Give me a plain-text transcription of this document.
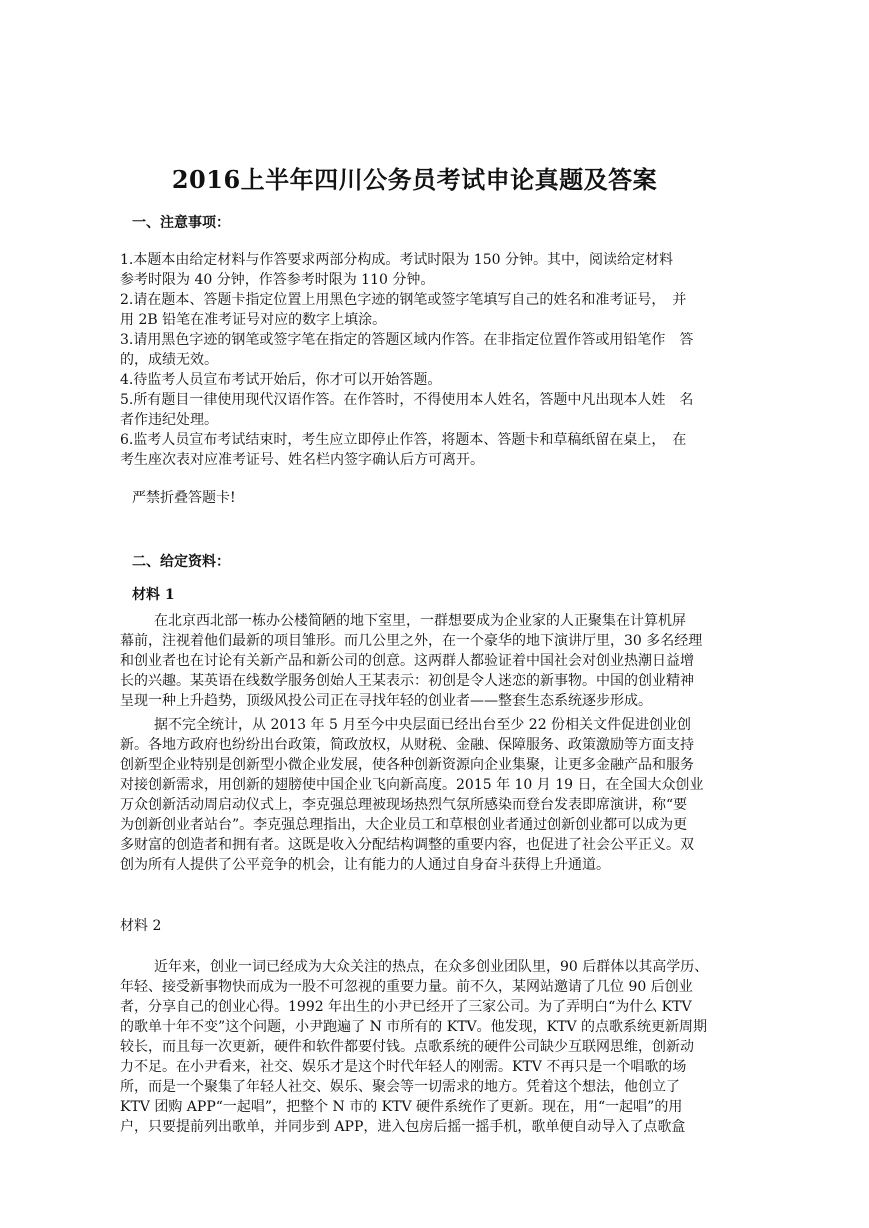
2016上半年四川公务员考试申论真题及答案
一、注意事项：
1.本题本由给定材料与作答要求两部分构成。考试时限为 150 分钟。其中，阅读给定材料
参考时限为 40 分钟，作答参考时限为 110 分钟。
2.请在题本、答题卡指定位置上用黑色字迹的钢笔或签字笔填写自己的姓名和准考证号，　并
用 2B 铅笔在准考证号对应的数字上填涂。
3.请用黑色字迹的钢笔或签字笔在指定的答题区域内作答。在非指定位置作答或用铅笔作　答
的，成绩无效。
4.待监考人员宣布考试开始后，你才可以开始答题。
5.所有题目一律使用现代汉语作答。在作答时，不得使用本人姓名，答题中凡出现本人姓　名
者作违纪处理。
6.监考人员宣布考试结束时，考生应立即停止作答，将题本、答题卡和草稿纸留在桌上，　在
考生座次表对应准考证号、姓名栏内签字确认后方可离开。
严禁折叠答题卡!
二、给定资料：
材料 1
在北京西北部一栋办公楼简陋的地下室里，一群想要成为企业家的人正聚集在计算机屏
幕前，注视着他们最新的项目雏形。而几公里之外，在一个豪华的地下演讲厅里，30 多名经理
和创业者也在讨论有关新产品和新公司的创意。这两群人都验证着中国社会对创业热潮日益增
长的兴趣。某英语在线数学服务创始人王某表示：初创是令人迷恋的新事物。中国的创业精神
呈现一种上升趋势，顶级风投公司正在寻找年轻的创业者——整套生态系统逐步形成。
据不完全统计，从 2013 年 5 月至今中央层面已经出台至少 22 份相关文件促进创业创
新。各地方政府也纷纷出台政策，简政放权，从财税、金融、保障服务、政策激励等方面支持
创新型企业特别是创新型小微企业发展，使各种创新资源向企业集聚，让更多金融产品和服务
对接创新需求，用创新的翅膀使中国企业飞向新高度。2015 年 10 月 19 日，在全国大众创业
万众创新活动周启动仪式上，李克强总理被现场热烈气氛所感染而登台发表即席演讲，称“要
为创新创业者站台”。李克强总理指出，大企业员工和草根创业者通过创新创业都可以成为更
多财富的创造者和拥有者。这既是收入分配结构调整的重要内容，也促进了社会公平正义。双
创为所有人提供了公平竞争的机会，让有能力的人通过自身奋斗获得上升通道。
材料 2
近年来，创业一词已经成为大众关注的热点，在众多创业团队里，90 后群体以其高学历、
年轻、接受新事物快而成为一股不可忽视的重要力量。前不久，某网站邀请了几位 90 后创业
者，分享自己的创业心得。1992 年出生的小尹已经开了三家公司。为了弄明白“为什么 KTV
的歌单十年不变”这个问题，小尹跑遍了 N 市所有的 KTV。他发现，KTV 的点歌系统更新周期
较长，而且每一次更新，硬件和软件都要付钱。点歌系统的硬件公司缺少互联网思维，创新动
力不足。在小尹看来，社交、娱乐才是这个时代年轻人的刚需。KTV 不再只是一个唱歌的场
所，而是一个聚集了年轻人社交、娱乐、聚会等一切需求的地方。凭着这个想法，他创立了
KTV 团购 APP“一起唱”，把整个 N 市的 KTV 硬件系统作了更新。现在，用“一起唱”的用
户，只要提前列出歌单，并同步到 APP，进入包房后摇一摇手机，歌单便自动导入了点歌盒
